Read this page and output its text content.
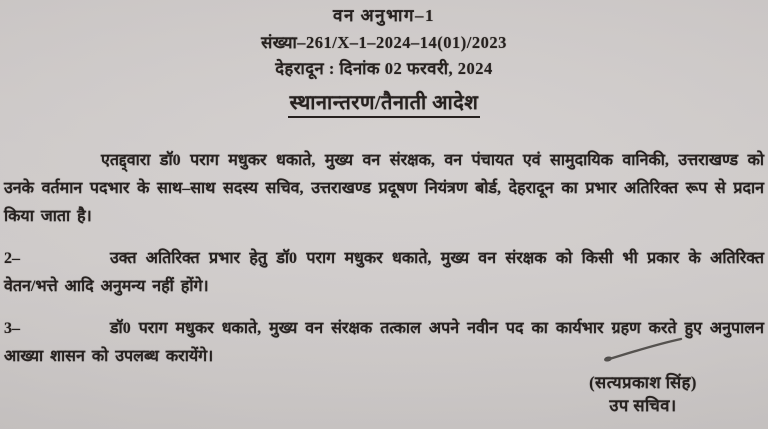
वन अनुभाग–1
संख्या–261/X–1–2024–14(01)/2023
देहरादून : दिनांक 02 फरवरी, 2024
स्थानान्तरण/तैनाती आदेश
एतद्द्वारा डॉ0 पराग मधुकर धकाते, मुख्य वन संरक्षक, वन पंचायत एवं सामुदायिक वानिकी, उत्तराखण्ड को उनके वर्तमान पदभार के साथ–साथ सदस्य सचिव, उत्तराखण्ड प्रदूषण नियंत्रण बोर्ड, देहरादून का प्रभार अतिरिक्त रूप से प्रदान किया जाता है।
2–	उक्त अतिरिक्त प्रभार हेतु डॉ0 पराग मधुकर धकाते, मुख्य वन संरक्षक को किसी भी प्रकार के अतिरिक्त वेतन/भत्ते आदि अनुमन्य नहीं होंगे।
3–	डॉ0 पराग मधुकर धकाते, मुख्य वन संरक्षक तत्काल अपने नवीन पद का कार्यभार ग्रहण करते हुए अनुपालन आख्या शासन को उपलब्ध करायेंगे।
(सत्यप्रकाश सिंह)
उप सचिव।
